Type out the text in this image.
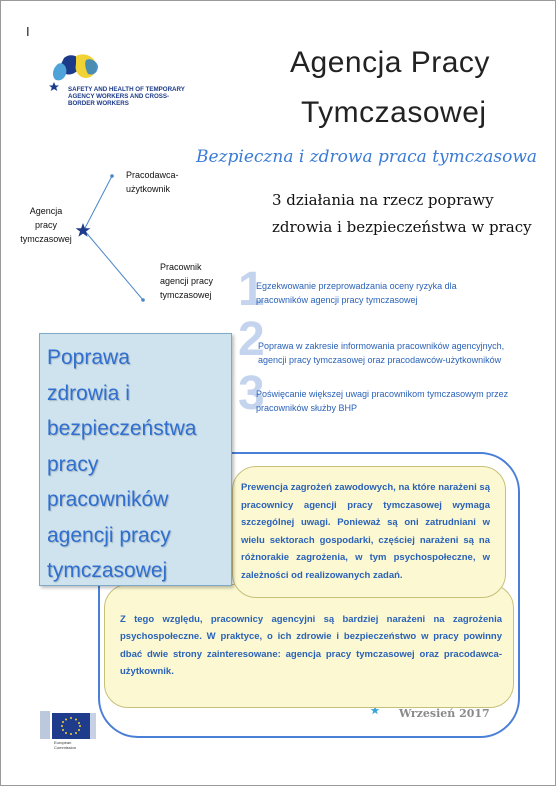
I
SAFETY AND HEALTH OF TEMPORARY AGENCY WORKERS AND CROSS-BORDER WORKERS
Agencja Pracy
Tymczasowej
Bezpieczna i zdrowa praca tymczasowa
3 działania na rzecz poprawy
zdrowia i bezpieczeństwa w pracy
Pracodawca-
użytkownik
Agencja
pracy
tymczasowej
Pracownik
agencji pracy
tymczasowej 1
2
3
Egzekwowanie przeprowadzania oceny ryzyka dla
pracowników agencji pracy tymczasowej
Poprawa w zakresie informowania pracowników agencyjnych,
agencji pracy tymczasowej oraz pracodawców-użytkowników
Poświęcanie większej uwagi pracownikom tymczasowym przez
pracowników służby BHP
Prewencja zagrożeń zawodowych, na które narażeni są pracownicy agencji pracy tymczasowej wymaga szczególnej uwagi. Ponieważ są oni zatrudniani w wielu sektorach gospodarki, częściej narażeni są na różnorakie zagrożenia, w tym psychospołeczne, w zależności od realizowanych zadań.
Z tego względu, pracownicy agencyjni są bardziej narażeni na zagrożenia psychospołeczne. W praktyce, o ich zdrowie i bezpieczeństwo w pracy powinny dbać dwie strony zainteresowane: agencja pracy tymczasowej oraz pracodawca-użytkownik.
Poprawa
zdrowia i
bezpieczeństwa
pracy
pracowników
agencji pracy
tymczasowej
European
Commission
Wrzesień 2017
